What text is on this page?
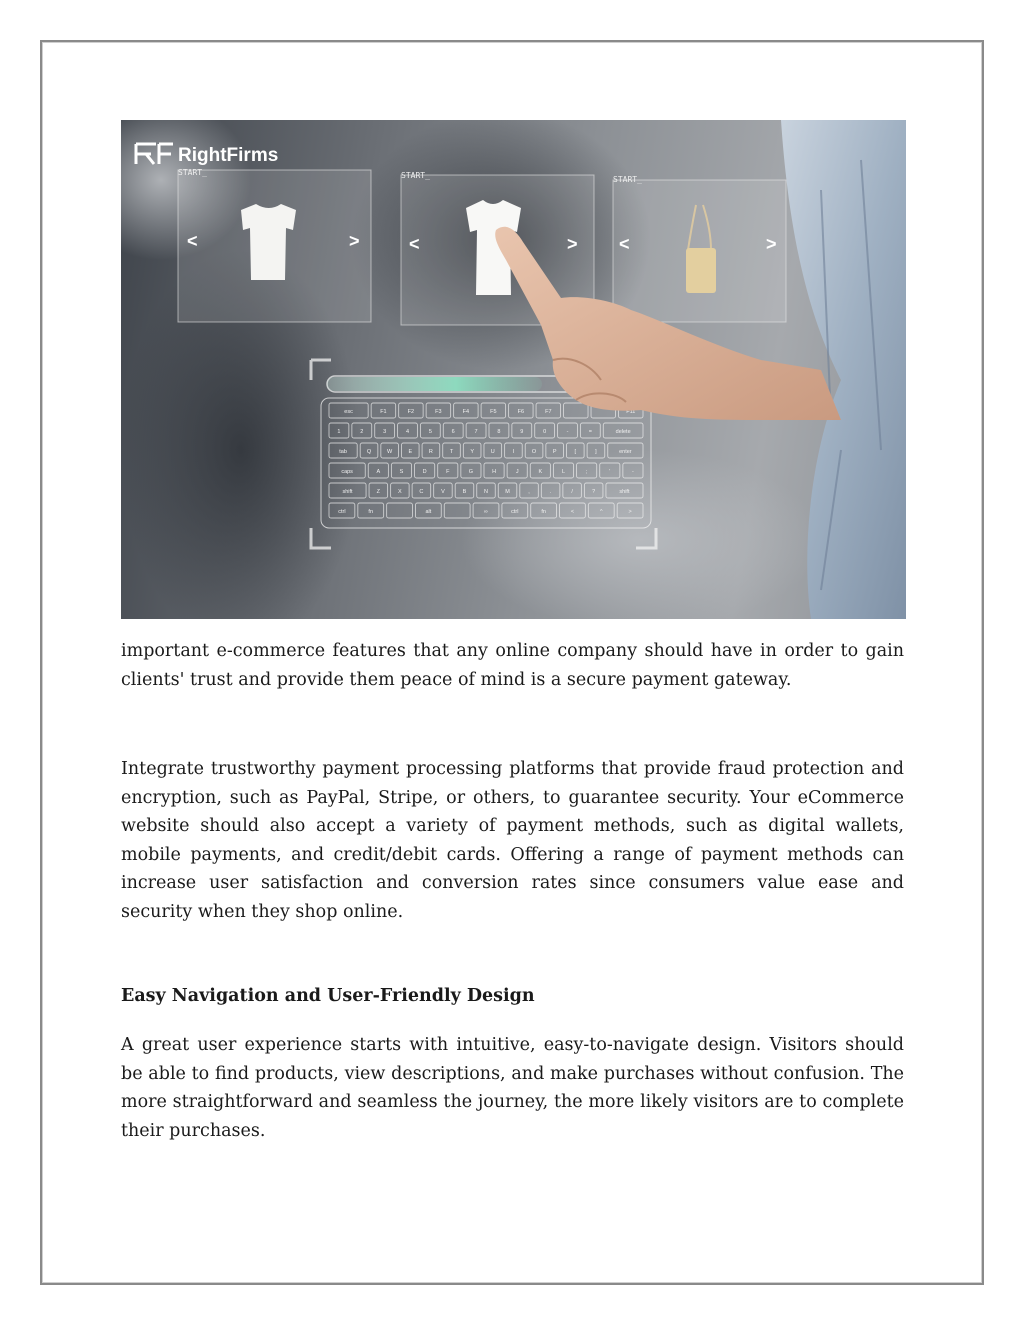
<	>	<	> <	>
esc	F1	F2	F3	F4	F5	F6	F7	F11
1	2	3	4	5	6	7	8	9	0	-	=	delete
tab	Q	W	E	R	T	Y	U	I	O	P	[	]	enter
caps	A	S	D	F	G	H	J	K	L	;	'	-
shift	Z	X	C	V	B	N	M	,	.	/	?	shift
ctrl	fn	alt	∞	ctrl	fn	<	^	>
RightFirms
START_	START_	START_

important e-commerce features that any online company should have in order to gain clients' trust and provide them peace of mind is a secure payment gateway.

Integrate trustworthy payment processing platforms that provide fraud protection and encryption, such as PayPal, Stripe, or others, to guarantee security. Your eCommerce website should also accept a variety of payment methods, such as digital wallets, mobile payments, and credit/debit cards. Offering a range of payment methods can increase user satisfaction and conversion rates since consumers value ease and security when they shop online.

Easy Navigation and User-Friendly Design

A great user experience starts with intuitive, easy-to-navigate design. Visitors should be able to find products, view descriptions, and make purchases without confusion. The more straightforward and seamless the journey, the more likely visitors are to complete their purchases.
